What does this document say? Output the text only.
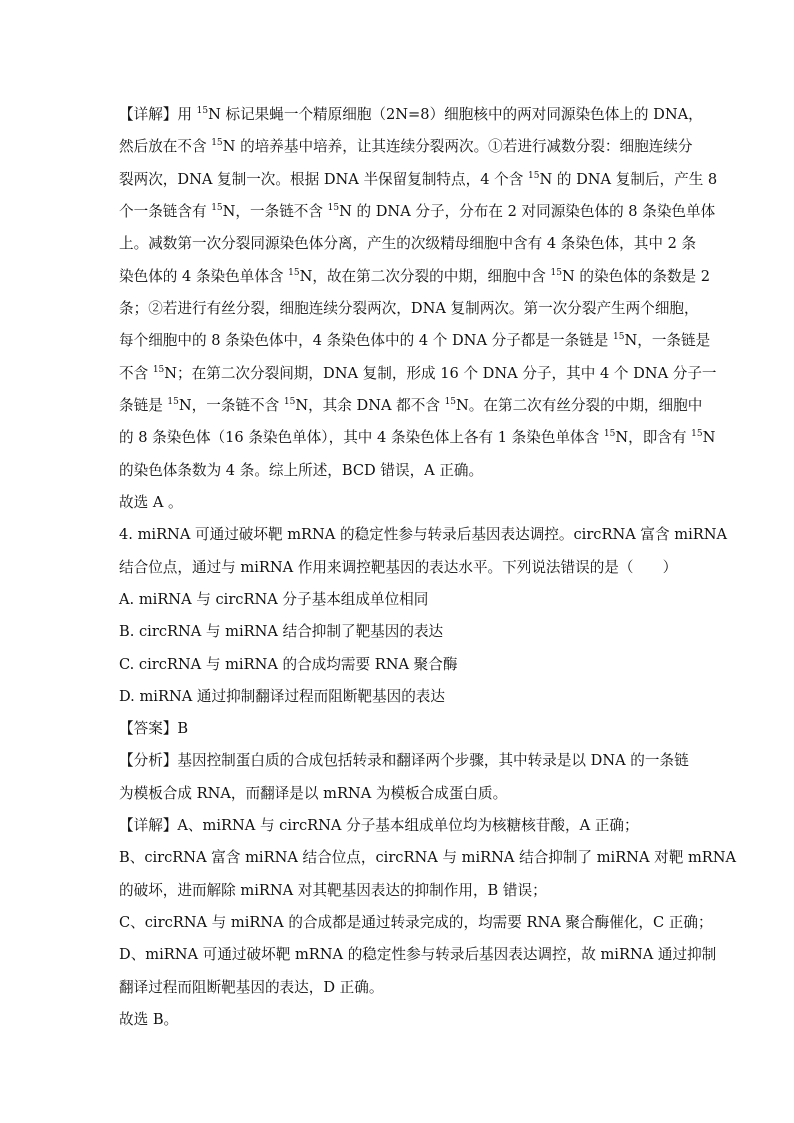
【详解】用 $^{15}$N 标记果蝇一个精原细胞（2N=8）细胞核中的两对同源染色体上的 DNA，
然后放在不含 $^{15}$N 的培养基中培养，让其连续分裂两次。①若进行减数分裂：细胞连续分
裂两次，DNA 复制一次。根据 DNA 半保留复制特点，4 个含 $^{15}$N 的 DNA 复制后，产生 8
个一条链含有 $^{15}$N，一条链不含 $^{15}$N 的 DNA 分子，分布在 2 对同源染色体的 8 条染色单体
上。减数第一次分裂同源染色体分离，产生的次级精母细胞中含有 4 条染色体，其中 2 条
染色体的 4 条染色单体含 $^{15}$N，故在第二次分裂的中期，细胞中含 $^{15}$N 的染色体的条数是 2
条；②若进行有丝分裂，细胞连续分裂两次，DNA 复制两次。第一次分裂产生两个细胞，
每个细胞中的 8 条染色体中，4 条染色体中的 4 个 DNA 分子都是一条链是 $^{15}$N，一条链是
不含 $^{15}$N；在第二次分裂间期，DNA 复制，形成 16 个 DNA 分子，其中 4 个 DNA 分子一
条链是 $^{15}$N，一条链不含 $^{15}$N，其余 DNA 都不含 $^{15}$N。在第二次有丝分裂的中期，细胞中
的 8 条染色体（16 条染色单体），其中 4 条染色体上各有 1 条染色单体含 $^{15}$N，即含有 $^{15}$N
的染色体条数为 4 条。综上所述，BCD 错误，A 正确。
故选 A 。
4. miRNA 可通过破坏靶 mRNA 的稳定性参与转录后基因表达调控。circRNA 富含 miRNA
结合位点，通过与 miRNA 作用来调控靶基因的表达水平。下列说法错误的是（　　）
A. miRNA 与 circRNA 分子基本组成单位相同
B. circRNA 与 miRNA 结合抑制了靶基因的表达
C. circRNA 与 miRNA 的合成均需要 RNA 聚合酶
D. miRNA 通过抑制翻译过程而阻断靶基因的表达
【答案】B
【分析】基因控制蛋白质的合成包括转录和翻译两个步骤，其中转录是以 DNA 的一条链
为模板合成 RNA，而翻译是以 mRNA 为模板合成蛋白质。
【详解】A、miRNA 与 circRNA 分子基本组成单位均为核糖核苷酸，A 正确；
B、circRNA 富含 miRNA 结合位点，circRNA 与 miRNA 结合抑制了 miRNA 对靶 mRNA
的破坏，进而解除 miRNA 对其靶基因表达的抑制作用，B 错误；
C、circRNA 与 miRNA 的合成都是通过转录完成的，均需要 RNA 聚合酶催化，C 正确；
D、miRNA 可通过破坏靶 mRNA 的稳定性参与转录后基因表达调控，故 miRNA 通过抑制
翻译过程而阻断靶基因的表达，D 正确。
故选 B。
